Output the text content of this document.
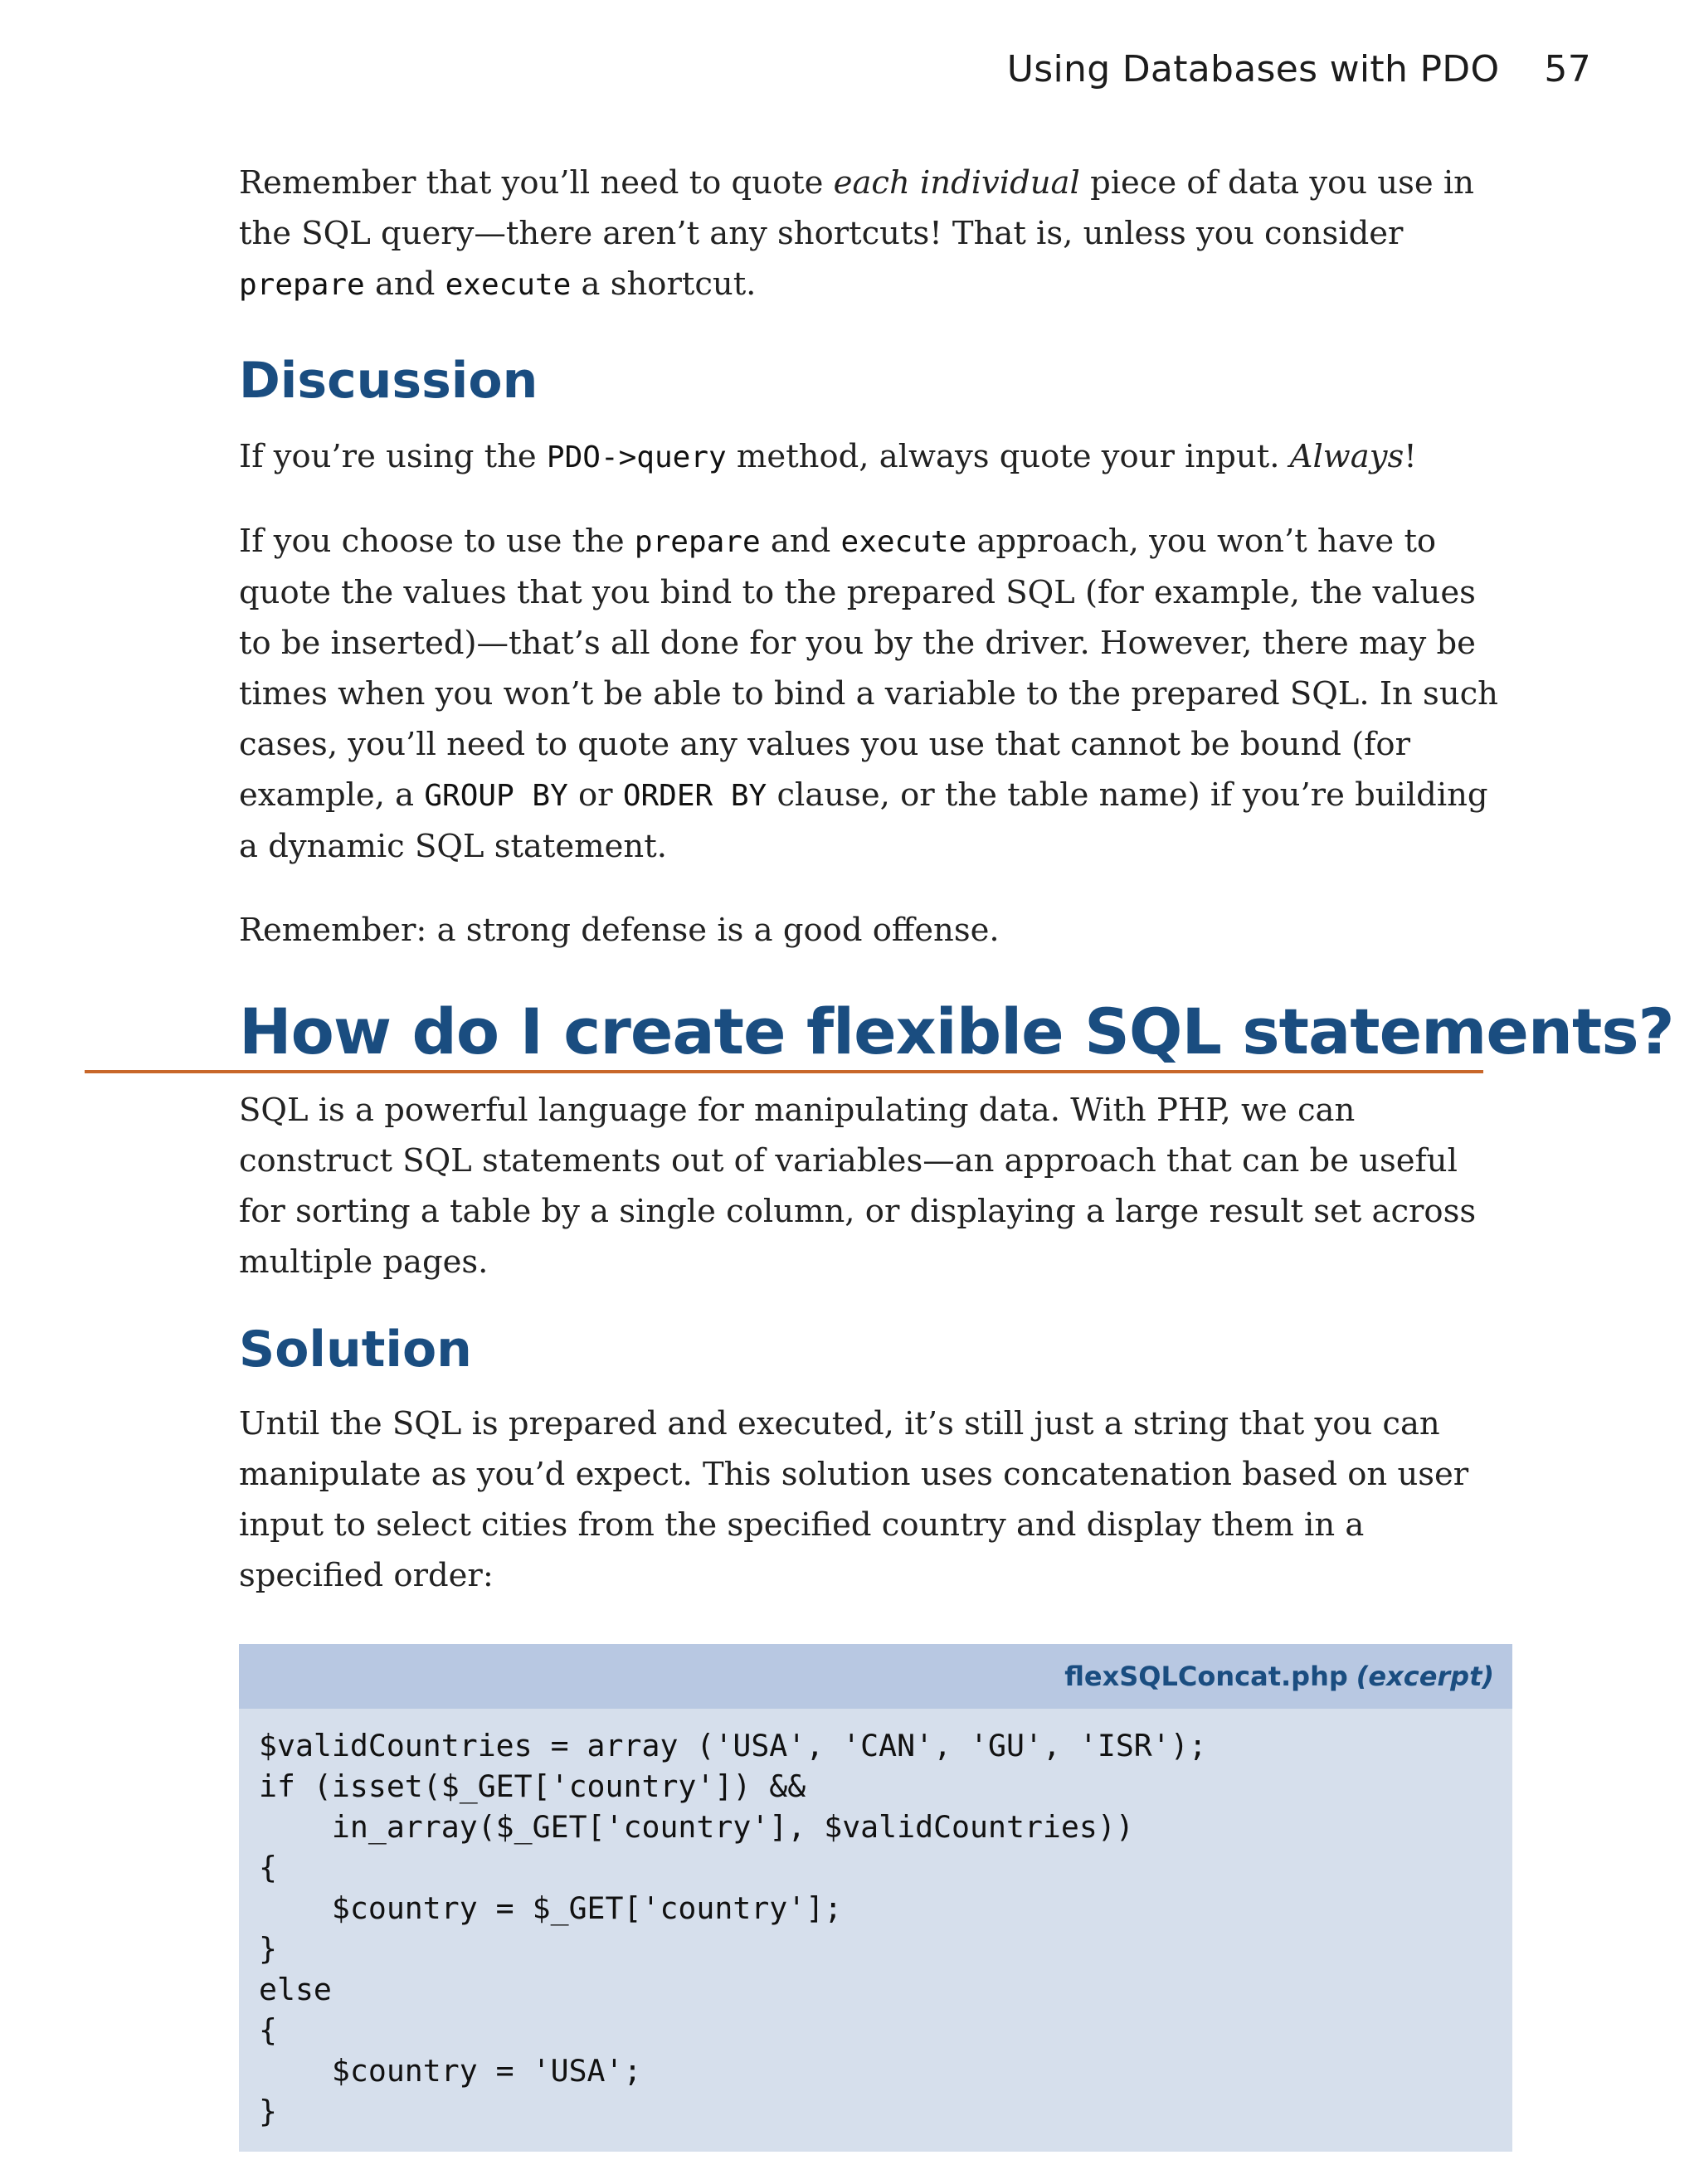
Using Databases with PDO 57

Remember that you’ll need to quote each individual piece of data you use in the SQL query—there aren’t any shortcuts! That is, unless you consider prepare and execute a shortcut.

Discussion

If you’re using the PDO->query method, always quote your input. Always!

If you choose to use the prepare and execute approach, you won’t have to quote the values that you bind to the prepared SQL (for example, the values to be inserted)—that’s all done for you by the driver. However, there may be times when you won’t be able to bind a variable to the prepared SQL. In such cases, you’ll need to quote any values you use that cannot be bound (for example, a GROUP BY or ORDER BY clause, or the table name) if you’re building a dynamic SQL statement.

Remember: a strong defense is a good offense.

How do I create flexible SQL statements?

SQL is a powerful language for manipulating data. With PHP, we can construct SQL statements out of variables—an approach that can be useful for sorting a table by a single column, or displaying a large result set across multiple pages.

Solution

Until the SQL is prepared and executed, it’s still just a string that you can manipulate as you’d expect. This solution uses concatenation based on user input to select cities from the specified country and display them in a specified order:

flexSQLConcat.php (excerpt)
$validCountries = array ('USA', 'CAN', 'GU', 'ISR');
if (isset($_GET['country']) &&
in_array($_GET['country'], $validCountries))
{
$country = $_GET['country'];
}
else
{
$country = 'USA';
}
